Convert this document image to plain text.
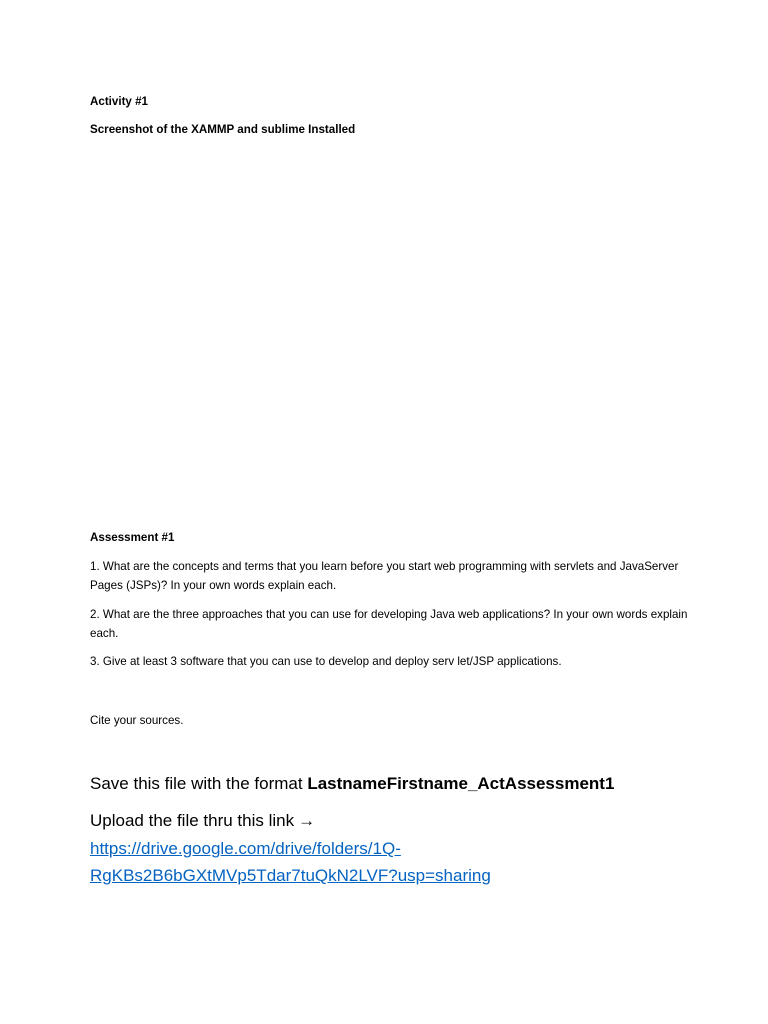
Activity #1

Screenshot of the XAMMP and sublime Installed

Assessment #1

1. What are the concepts and terms that you learn before you start web programming with servlets and JavaServer Pages (JSPs)? In your own words explain each.

2. What are the three approaches that you can use for developing Java web applications? In your own words explain each.

3. Give at least 3 software that you can use to develop and deploy serv let/JSP applications.

Cite your sources.

Save this file with the format LastnameFirstname_ActAssessment1

Upload the file thru this link →

https://drive.google.com/drive/folders/1Q-
RgKBs2B6bGXtMVp5Tdar7tuQkN2LVF?usp=sharing
